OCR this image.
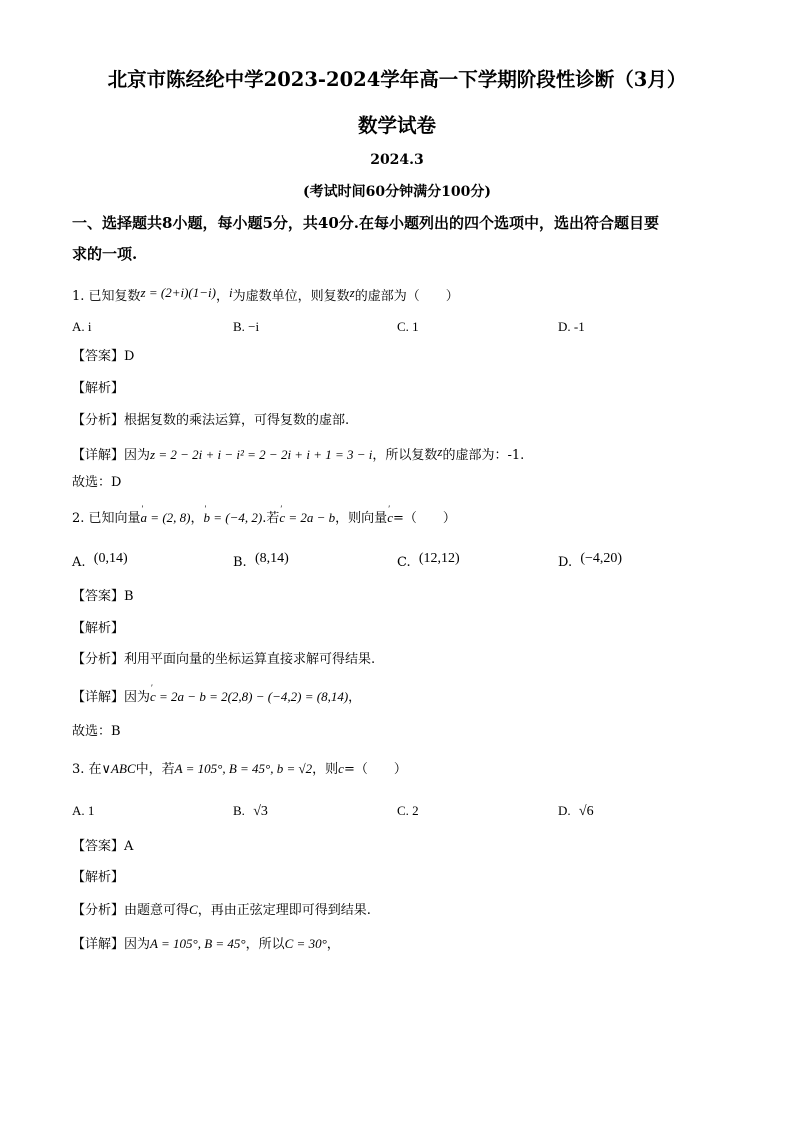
北京市陈经纶中学2023-2024学年高一下学期阶段性诊断（3月）
数学试卷
2024.3
(考试时间60分钟满分100分)
一、选择题共8小题，每小题5分，共40分.在每小题列出的四个选项中，选出符合题目要
求的一项.
1. 已知复数z = (2+i)(1−i)，i为虚数单位，则复数z的虚部为（　　）
A. i	B. −i	C. 1	D. -1
【答案】D
【解析】
【分析】根据复数的乘法运算，可得复数的虚部.
【详解】因为z = 2 − 2i + i − i² = 2 − 2i + i + 1 = 3 − i，所以复数z的虚部为：-1.
故选：D
2. 已知向量′ a = (2, 8)，′ b = (−4, 2).若′ c = 2a − b，则向量′ c=（　　）
A. (0,14)	B. (8,14)	C. (12,12)	D. (−4,20)
【答案】B
【解析】
【分析】利用平面向量的坐标运算直接求解可得结果.
【详解】因为′ c = 2a − b = 2(2,8) − (−4,2) = (8,14)，
故选：B
3. 在∨ABC中，若A = 105°, B = 45°, b = √2，则c=（　　）
A. 1	B. √3	C. 2	D. √6
【答案】A
【解析】
【分析】由题意可得C，再由正弦定理即可得到结果.
【详解】因为A = 105°, B = 45°，所以C = 30°，
